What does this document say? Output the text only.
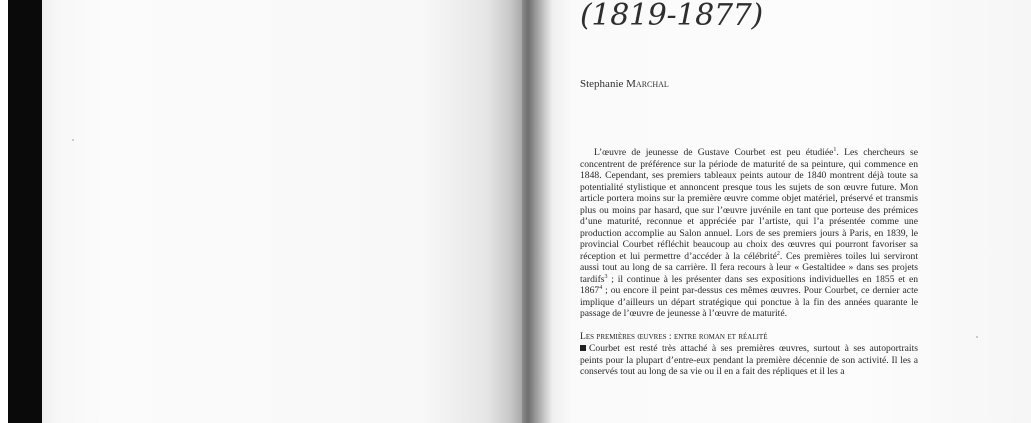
(1819-1877)

Stephanie Marchal

L’œuvre de jeunesse de Gustave Courbet est peu étudiée$^1$. Les chercheurs se concentrent de préférence sur la période de maturité de sa peinture, qui commence en 1848. Cependant, ses premiers tableaux peints autour de 1840 montrent déjà toute sa potentialité stylistique et annoncent presque tous les sujets de son œuvre future. Mon article portera moins sur la première œuvre comme objet matériel, préservé et transmis plus ou moins par hasard, que sur l’œuvre juvénile en tant que porteuse des prémices d’une maturité, reconnue et appréciée par l’artiste, qui l’a présentée comme une production accomplie au Salon annuel. Lors de ses premiers jours à Paris, en 1839, le provincial Courbet réfléchit beaucoup au choix des œuvres qui pourront favoriser sa réception et lui permettre d’accéder à la célébrité$^2$. Ces premières toiles lui serviront aussi tout au long de sa carrière. Il fera recours à leur « Gestaltidee » dans ses projets tardifs$^3$ ; il continue à les présenter dans ses expositions individuelles en 1855 et en 1867$^4$ ; ou encore il peint par-dessus ces mêmes œuvres. Pour Courbet, ce dernier acte implique d’ailleurs un départ stratégique qui ponctue à la fin des années quarante le passage de l’œuvre de jeunesse à l’œuvre de maturité.

Les premières œuvres : entre roman et réalité

Courbet est resté très attaché à ses premières œuvres, surtout à ses autoportraits peints pour la plupart d’entre-eux pendant la première décennie de son activité. Il les a conservés tout au long de sa vie ou il en a fait des répliques et il les a
